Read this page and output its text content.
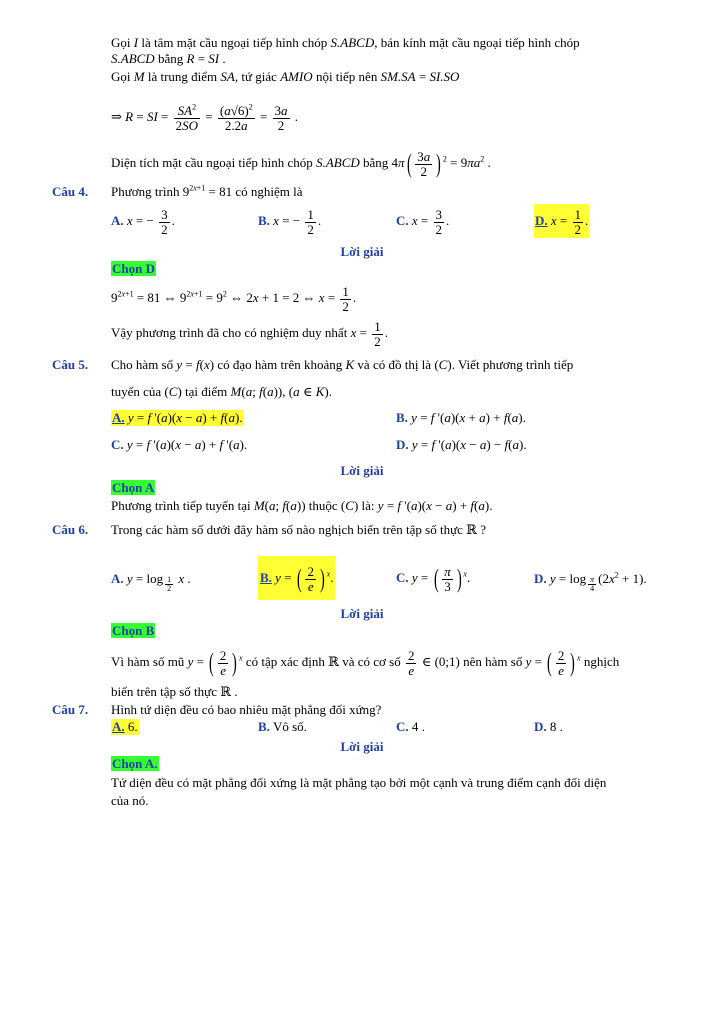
Gọi I là tâm mặt cầu ngoại tiếp hình chóp S.ABCD, bán kính mặt cầu ngoại tiếp hình chóp
S.ABCD bằng R = SI .
Gọi M là trung điểm SA, tứ giác AMIO nội tiếp nên SM.SA = SI.SO
⇒ R = SI = $\frac{SA^2}{2SO} = \frac{(a√6)^2}{2.2a} = \frac{3a}{2}$ .
Diện tích mặt cầu ngoại tiếp hình chóp S.ABCD bằng $4\pi( \frac{3a}{2}$ ) $^2 = 9\pi a^2$ .
Câu 4. Phương trình $9^{2x+1} = 81$ có nghiệm là
A. x = − $\frac{3}{2}$ .	B. x = − $\frac{1}{2}$ .	C. $x = \frac{3}{2}$ .	D. $x = \frac{1}{2}$ .
Lời giải
Chọn D
$9^{2x+1} = 81$ ⇔ $9^{2x+1} = 9^2$ ⇔ 2x + 1 = 2 ⇔ $x = \frac{1}{2}$ .
Vậy phương trình đã cho có nghiệm duy nhất $x = \frac{1}{2}$ .
Câu 5. Cho hàm số y = f(x) có đạo hàm trên khoảng K và có đồ thị là (C). Viết phương trình tiếp
tuyến của (C) tại điểm M(a; f(a)), (a ∈ K).
A. y = f '(a)(x − a) + f(a).	B. y = f '(a)(x + a) + f(a).
C. y = f '(a)(x − a) + f '(a).	D. y = f '(a)(x − a) − f(a).
Lời giải
Chọn A
Phương trình tiếp tuyến tại M(a; f(a)) thuộc (C) là: y = f '(a)(x − a) + f(a).
Câu 6. Trong các hàm số dưới đây hàm số nào nghịch biến trên tập số thực ℝ ?
A. y = log $_{\frac{1}{2}}$ x .	B. y = ( $\frac{2}{e}$ ) $^x$.	C. y = ( $\frac{\pi}{3}$ ) $^x$.	D. y = log $_{\frac{\pi}{4}}$ $(2x^2 + 1)$.
Lời giải
Chọn B
Vì hàm số mũ y = ( $\frac{2}{e}$ ) $^x$ có tập xác định ℝ và có cơ số $\frac{2}{e}$ ∈ (0;1) nên hàm số y = ( $\frac{2}{e}$ ) $^x$ nghịch
biến trên tập số thực ℝ .
Câu 7. Hình tứ diện đều có bao nhiêu mặt phẳng đối xứng?
A. 6.	B. Vô số.	C. 4 .	D. 8 .
Lời giải
Chọn A.
Tứ diện đều có mặt phẳng đối xứng là mặt phẳng tạo bởi một cạnh và trung điểm cạnh đối diện
của nó.
